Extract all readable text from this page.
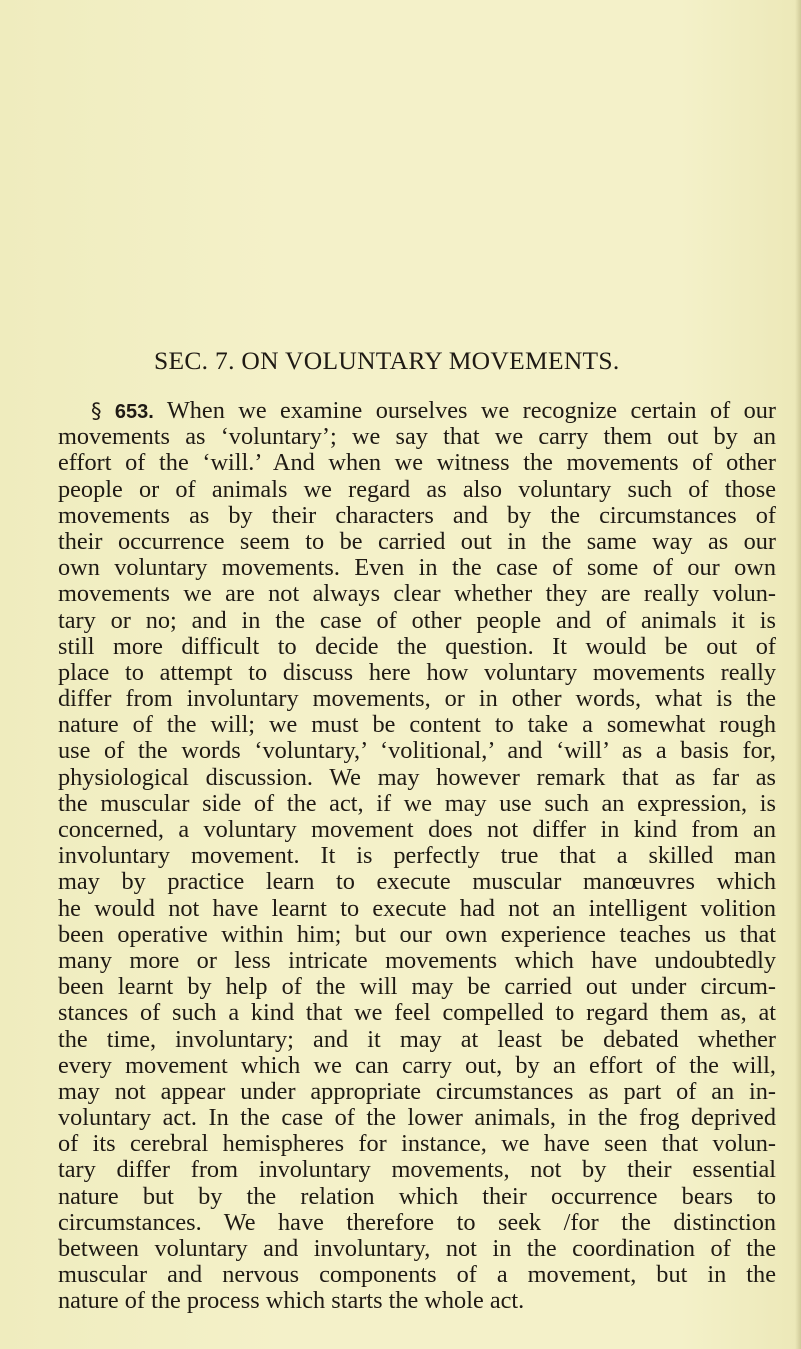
SEC. 7. ON VOLUNTARY MOVEMENTS.
§ 653. When we examine ourselves we recognize certain of our
movements as ‘voluntary’; we say that we carry them out by an
effort of the ‘will.’ And when we witness the movements of other
people or of animals we regard as also voluntary such of those
movements as by their characters and by the circumstances of
their occurrence seem to be carried out in the same way as our
own voluntary movements. Even in the case of some of our own
movements we are not always clear whether they are really volun-
tary or no; and in the case of other people and of animals it is
still more difficult to decide the question. It would be out of
place to attempt to discuss here how voluntary movements really
differ from involuntary movements, or in other words, what is the
nature of the will; we must be content to take a somewhat rough
use of the words ‘voluntary,’ ‘volitional,’ and ‘will’ as a basis for,
physiological discussion. We may however remark that as far as
the muscular side of the act, if we may use such an expression, is
concerned, a voluntary movement does not differ in kind from an
involuntary movement. It is perfectly true that a skilled man
may by practice learn to execute muscular manœuvres which
he would not have learnt to execute had not an intelligent volition
been operative within him; but our own experience teaches us that
many more or less intricate movements which have undoubtedly
been learnt by help of the will may be carried out under circum-
stances of such a kind that we feel compelled to regard them as, at
the time, involuntary; and it may at least be debated whether
every movement which we can carry out, by an effort of the will,
may not appear under appropriate circumstances as part of an in-
voluntary act. In the case of the lower animals, in the frog deprived
of its cerebral hemispheres for instance, we have seen that volun-
tary differ from involuntary movements, not by their essential
nature but by the relation which their occurrence bears to
circumstances. We have therefore to seek /for the distinction
between voluntary and involuntary, not in the coordination of the
muscular and nervous components of a movement, but in the
nature of the process which starts the whole act.
